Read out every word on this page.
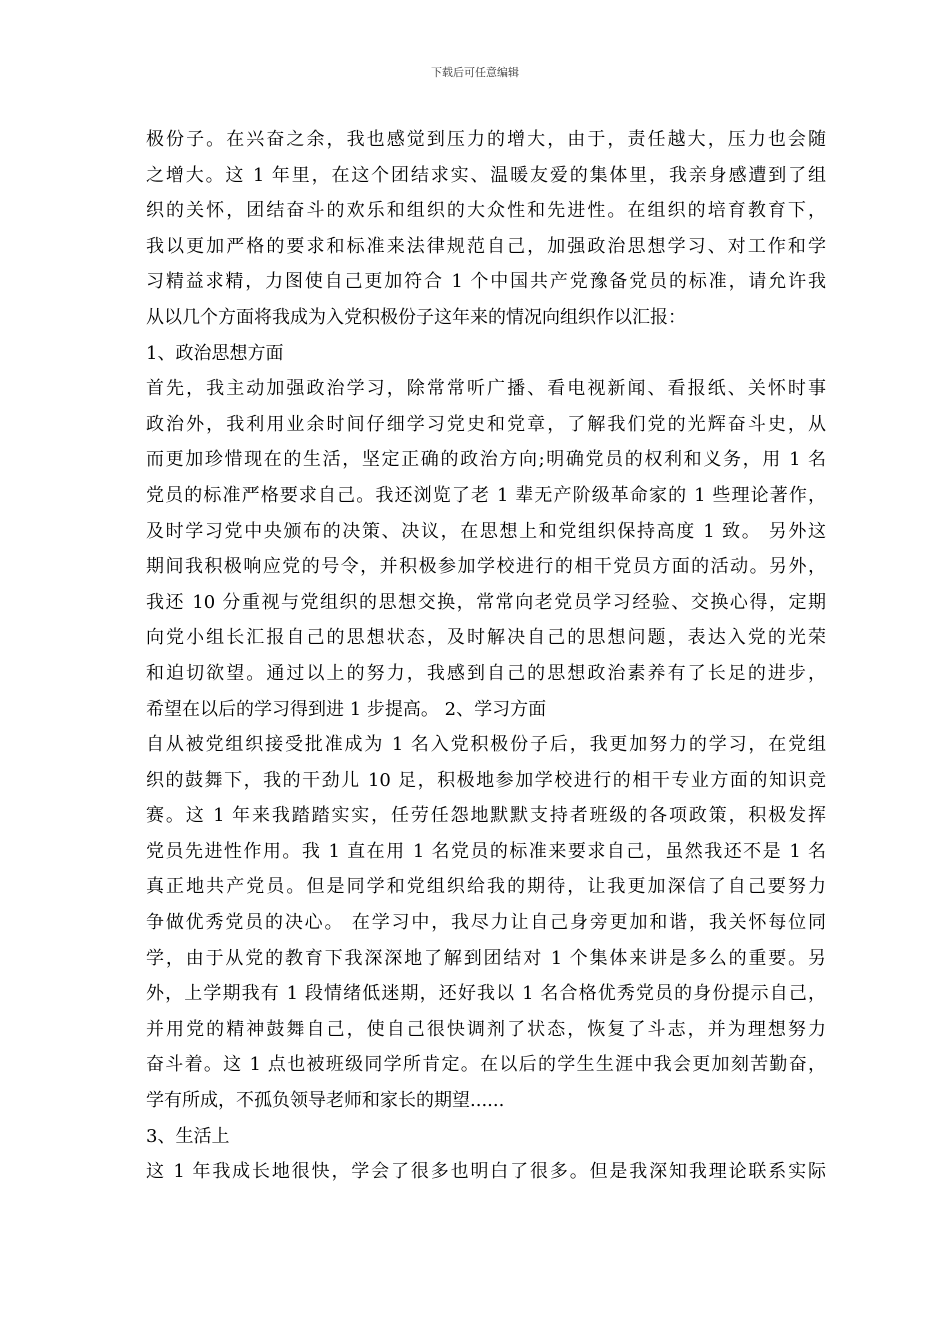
下载后可任意编辑
极份子。在兴奋之余，我也感觉到压力的增大，由于，责任越大，压力也会随
之增大。这 1 年里，在这个团结求实、温暖友爱的集体里，我亲身感遭到了组
织的关怀，团结奋斗的欢乐和组织的大众性和先进性。在组织的培育教育下，
我以更加严格的要求和标准来法律规范自己，加强政治思想学习、对工作和学
习精益求精，力图使自己更加符合 1 个中国共产党豫备党员的标准，请允许我
从以几个方面将我成为入党积极份子这年来的情况向组织作以汇报：
1、政治思想方面
首先，我主动加强政治学习，除常常听广播、看电视新闻、看报纸、关怀时事
政治外，我利用业余时间仔细学习党史和党章，了解我们党的光辉奋斗史，从
而更加珍惜现在的生活，坚定正确的政治方向;明确党员的权利和义务，用 1 名
党员的标准严格要求自己。我还浏览了老 1 辈无产阶级革命家的 1 些理论著作，
及时学习党中央颁布的决策、决议，在思想上和党组织保持高度 1 致。 另外这
期间我积极响应党的号令，并积极参加学校进行的相干党员方面的活动。另外，
我还 10 分重视与党组织的思想交换，常常向老党员学习经验、交换心得，定期
向党小组长汇报自己的思想状态，及时解决自己的思想问题，表达入党的光荣
和迫切欲望。通过以上的努力，我感到自己的思想政治素养有了长足的进步，
希望在以后的学习得到进 1 步提高。 2、学习方面
自从被党组织接受批准成为 1 名入党积极份子后，我更加努力的学习，在党组
织的鼓舞下，我的干劲儿 10 足，积极地参加学校进行的相干专业方面的知识竞
赛。这 1 年来我踏踏实实，任劳任怨地默默支持者班级的各项政策，积极发挥
党员先进性作用。我 1 直在用 1 名党员的标准来要求自己，虽然我还不是 1 名
真正地共产党员。但是同学和党组织给我的期待，让我更加深信了自己要努力
争做优秀党员的决心。 在学习中，我尽力让自己身旁更加和谐，我关怀每位同
学，由于从党的教育下我深深地了解到团结对 1 个集体来讲是多么的重要。另
外，上学期我有 1 段情绪低迷期，还好我以 1 名合格优秀党员的身份提示自己，
并用党的精神鼓舞自己，使自己很快调剂了状态，恢复了斗志，并为理想努力
奋斗着。这 1 点也被班级同学所肯定。在以后的学生生涯中我会更加刻苦勤奋，
学有所成，不孤负领导老师和家长的期望......
3、生活上
这 1 年我成长地很快，学会了很多也明白了很多。但是我深知我理论联系实际
